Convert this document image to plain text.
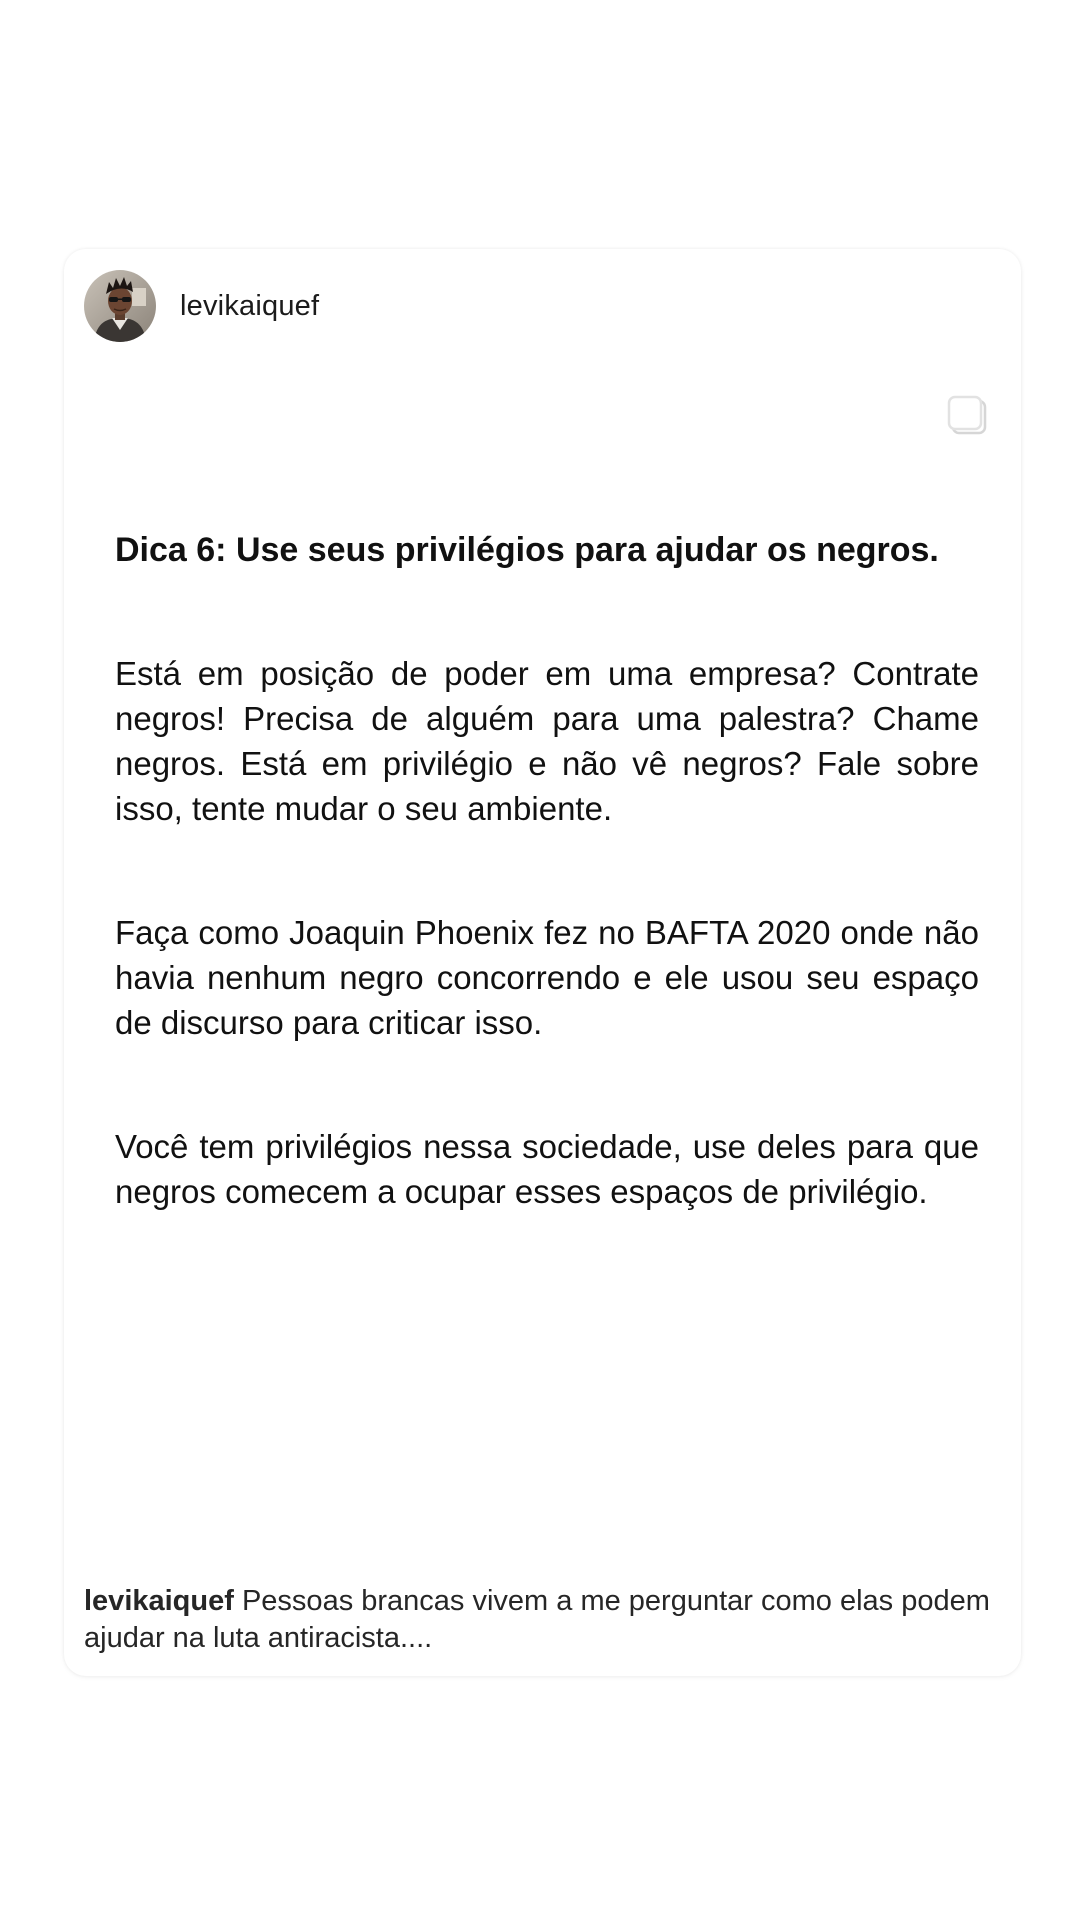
levikaiquef
Dica 6: Use seus privilégios para ajudar os negros.
Está em posição de poder em uma empresa? Contrate negros! Precisa de alguém para uma palestra? Chame negros. Está em privilégio e não vê negros? Fale sobre isso, tente mudar o seu ambiente.
Faça como Joaquin Phoenix fez no BAFTA 2020 onde não havia nenhum negro concorrendo e ele usou seu espaço de discurso para criticar isso.
Você tem privilégios nessa sociedade, use deles para que negros comecem a ocupar esses espaços de privilégio.
levikaiquef Pessoas brancas vivem a me perguntar como elas podem ajudar na luta antiracista....
